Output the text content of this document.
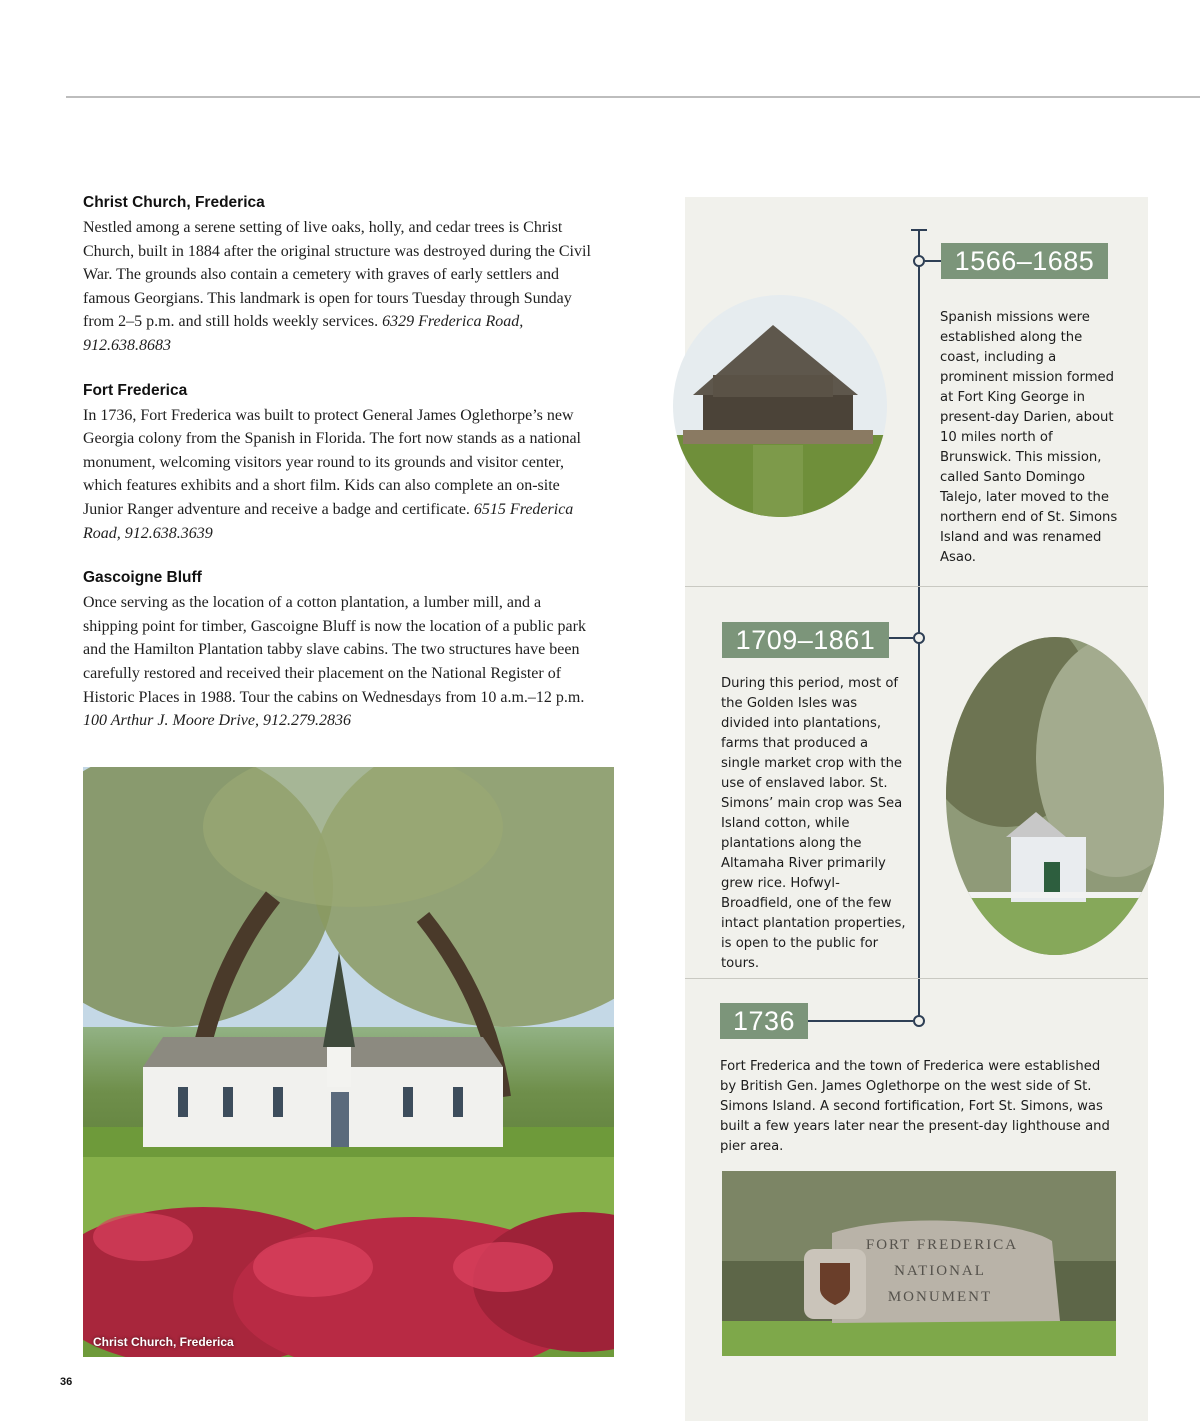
Christ Church, Frederica

Nestled among a serene setting of live oaks, holly, and cedar trees is Christ Church, built in 1884 after the original structure was destroyed during the Civil War. The grounds also contain a cemetery with graves of early settlers and famous Georgians. This landmark is open for tours Tuesday through Sunday from 2–5 p.m. and still holds weekly services. 6329 Frederica Road, 912.638.8683

Fort Frederica

In 1736, Fort Frederica was built to protect General James Oglethorpe’s new Georgia colony from the Spanish in Florida. The fort now stands as a national monument, welcoming visitors year round to its grounds and visitor center, which features exhibits and a short film. Kids can also complete an on-site Junior Ranger adventure and receive a badge and certificate. 6515 Frederica Road, 912.638.3639

Gascoigne Bluff

Once serving as the location of a cotton plantation, a lumber mill, and a shipping point for timber, Gascoigne Bluff is now the location of a public park and the Hamilton Plantation tabby slave cabins. The two structures have been carefully restored and received their placement on the National Register of Historic Places in 1988. Tour the cabins on Wednesdays from 10 a.m.–12 p.m. 100 Arthur J. Moore Drive, 912.279.2836

Christ Church, Frederica
36
1566–1685

Spanish missions were established along the coast, including a prominent mission formed at Fort King George in present-day Darien, about 10 miles north of Brunswick. This mission, called Santo Domingo Talejo, later moved to the northern end of St. Simons Island and was renamed Asao.

1709–1861

During this period, most of the Golden Isles was divided into plantations, farms that produced a single market crop with the use of enslaved labor. St. Simons’ main crop was Sea Island cotton, while plantations along the Altamaha River primarily grew rice. Hofwyl-Broadfield, one of the few intact plantation properties, is open to the public for tours.

1736

Fort Frederica and the town of Frederica were established by British Gen. James Oglethorpe on the west side of St. Simons Island. A second fortification, Fort St. Simons, was built a few years later near the present-day lighthouse and pier area.

FORT FREDERICA
NATIONAL
MONUMENT
